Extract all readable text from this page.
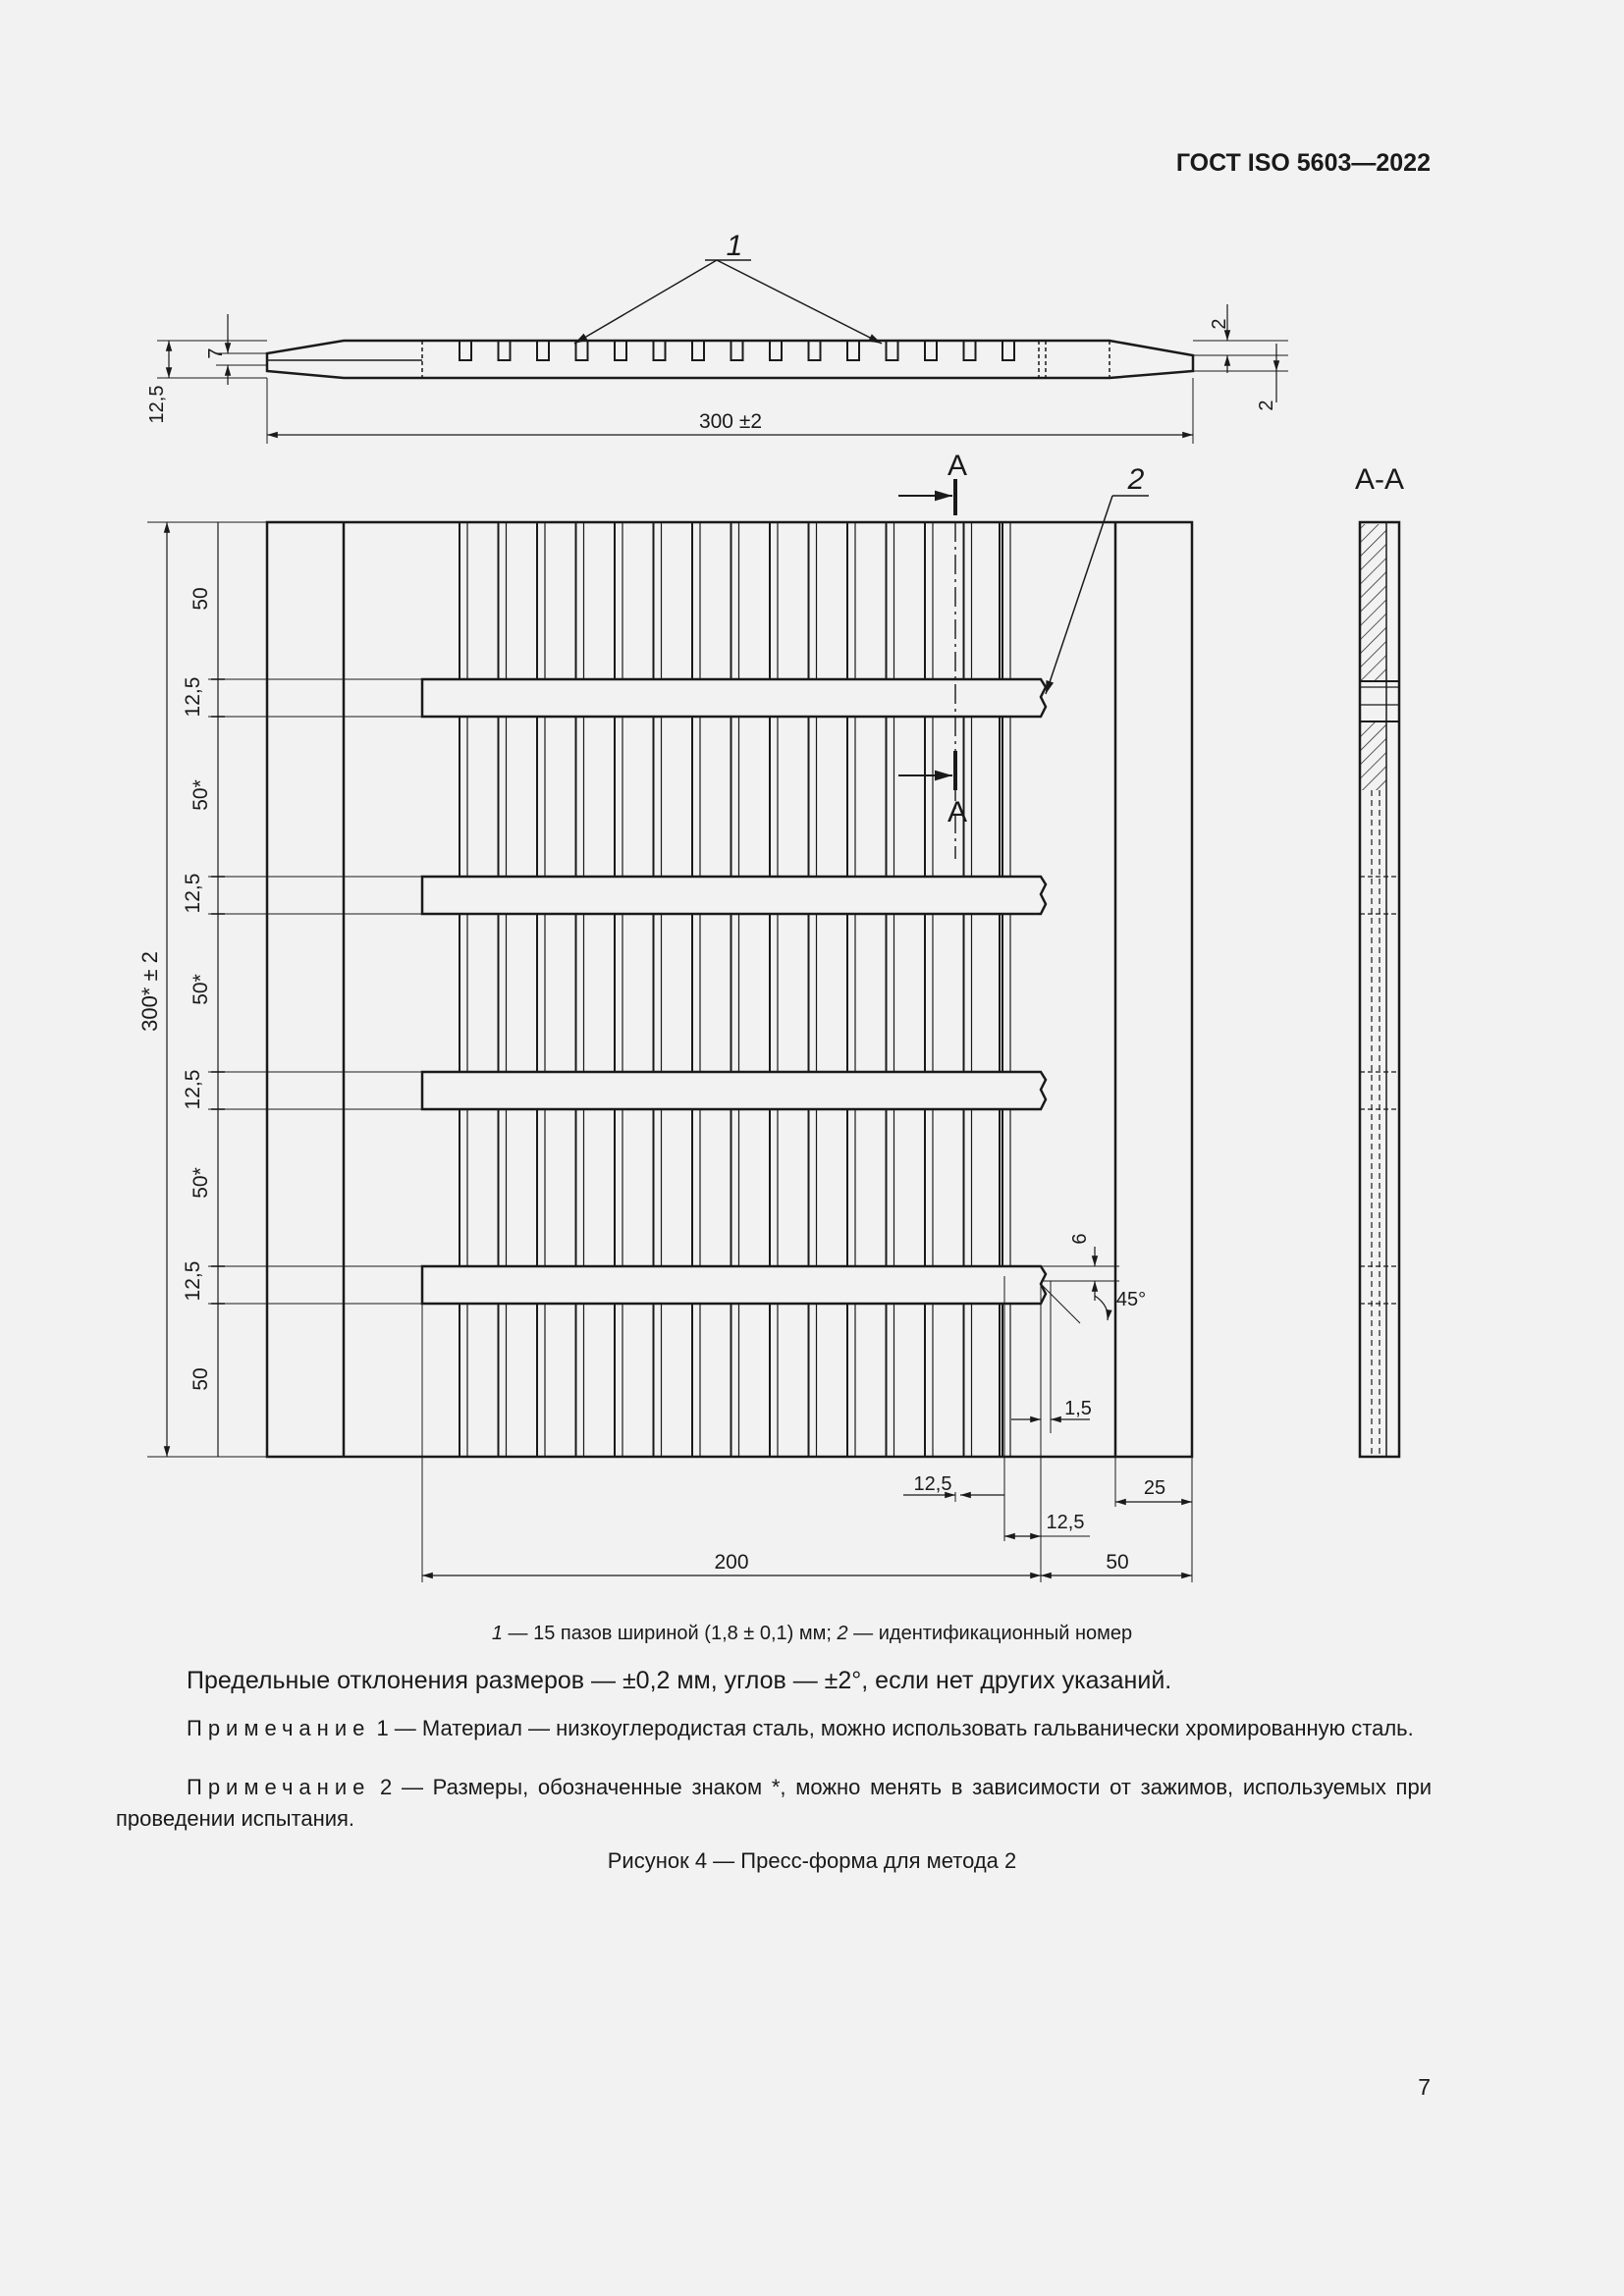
ГОСТ ISO 5603—2022
1
2
7
12,5	2
300 ±2
А
А
2
50
12,5
50*
12,5
50*
12,5
50*
12,5
50
300* ± 2
6
45°
1,5
12,5
12,5
25
200	50
А-А
1 — 15 пазов шириной (1,8 ± 0,1) мм; 2 — идентификационный номер
Предельные отклонения размеров — ±0,2 мм, углов — ±2°, если нет других указаний.
Примечание 1 — Материал — низкоуглеродистая сталь, можно использовать гальванически хромированную сталь.
Примечание 2 — Размеры, обозначенные знаком *, можно менять в зависимости от зажимов, используемых при проведении испытания.
Рисунок 4 — Пресс-форма для метода 2
7
